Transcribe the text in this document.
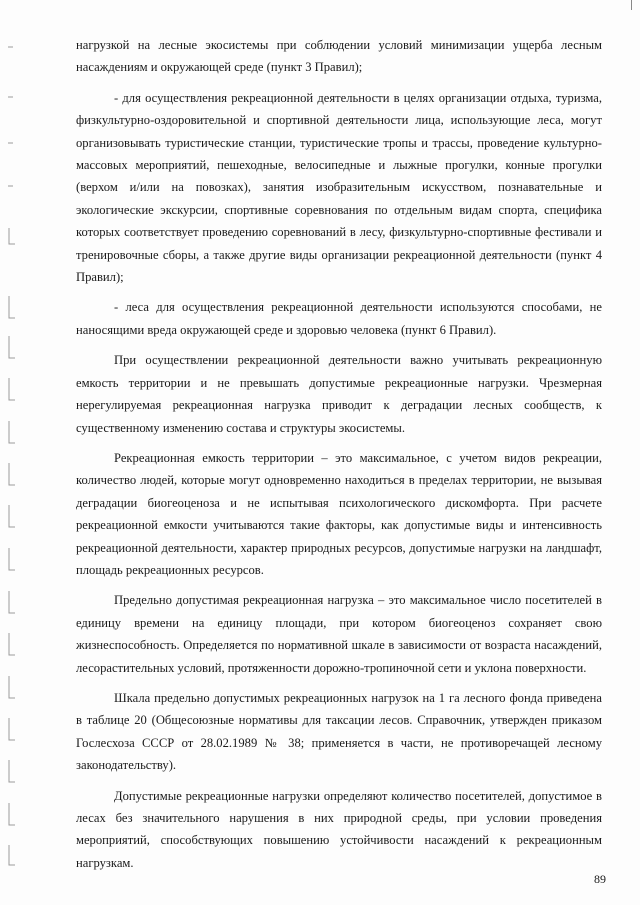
нагрузкой на лесные экосистемы при соблюдении условий минимизации ущерба лесным насаждениям и окружающей среде (пункт 3 Правил);

- для осуществления рекреационной деятельности в целях организации отдыха, туризма, физкультурно-оздоровительной и спортивной деятельности лица, использующие леса, могут организовывать туристические станции, туристические тропы и трассы, проведение культурно-массовых мероприятий, пешеходные, велосипедные и лыжные прогулки, конные прогулки (верхом и/или на повозках), занятия изобразительным искусством, познавательные и экологические экскурсии, спортивные соревнования по отдельным видам спорта, специфика которых соответствует проведению соревнований в лесу, физкультурно-спортивные фестивали и тренировочные сборы, а также другие виды организации рекреационной деятельности (пункт 4 Правил);

- леса для осуществления рекреационной деятельности используются способами, не наносящими вреда окружающей среде и здоровью человека (пункт 6 Правил).

При осуществлении рекреационной деятельности важно учитывать рекреационную емкость территории и не превышать допустимые рекреационные нагрузки. Чрезмерная нерегулируемая рекреационная нагрузка приводит к деградации лесных сообществ, к существенному изменению состава и структуры экосистемы.

Рекреационная емкость территории – это максимальное, с учетом видов рекреации, количество людей, которые могут одновременно находиться в пределах территории, не вызывая деградации биогеоценоза и не испытывая психологического дискомфорта. При расчете рекреационной емкости учитываются такие факторы, как допустимые виды и интенсивность рекреационной деятельности, характер природных ресурсов, допустимые нагрузки на ландшафт, площадь рекреационных ресурсов.

Предельно допустимая рекреационная нагрузка – это максимальное число посетителей в единицу времени на единицу площади, при котором биогеоценоз сохраняет свою жизнеспособность. Определяется по нормативной шкале в зависимости от возраста насаждений, лесорастительных условий, протяженности дорожно-тропиночной сети и уклона поверхности.

Шкала предельно допустимых рекреационных нагрузок на 1 га лесного фонда приведена в таблице 20 (Общесоюзные нормативы для таксации лесов. Справочник, утвержден приказом Гослесхоза СССР от 28.02.1989 № 38; применяется в части, не противоречащей лесному законодательству).

Допустимые рекреационные нагрузки определяют количество посетителей, допустимое в лесах без значительного нарушения в них природной среды, при условии проведения мероприятий, способствующих повышению устойчивости насаждений к рекреационным нагрузкам.

89
